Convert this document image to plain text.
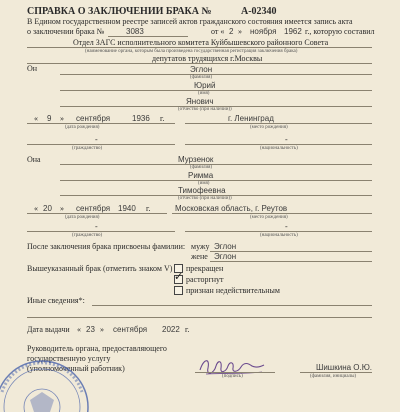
СПРАВКА О ЗАКЛЮЧЕНИИ БРАКА №	A-02340
В Едином государственном реестре записей актов гражданского состояния имеется запись акта
о заключении брака №	3083	от « 2 » ноября 1962 г., которую составил
Отдел ЗАГС исполнительного комитета Куйбышевского районного Совета
(наименование органа, которым была произведена государственная регистрация заключения брака)
депутатов трудящихся г.Москвы
Он	Эглон
(фамилия)
Юрий
(имя)
Янович
(отчество (при наличии))
« 9 » сентября	1936 г.	г. Ленинград
(дата рождения)	(место рождения)
-	-
(гражданство)	(национальность)
Она	Мурзенок
(фамилия)
Римма
(имя)
Тимофеевна
(отчество (при наличии))
« 20 » сентября 1940 г.	Московская область, г. Реутов
(дата рождения)	(место рождения)
-	-
(гражданство)	(национальность)
После заключения брака присвоены фамилии: мужу Эглон
жене Эглон
Вышеуказанный брак (отметить знаком V) прекращен
✓ расторгнут
признан недействительным
Иные сведения*:
Дата выдачи « 23 » сентября 2022 г.
Руководитель органа, предоставляющего
государственную услугу
(уполномоченный работник)
(подпись)
Шишкина О.Ю.
(фамилия, инициалы)
